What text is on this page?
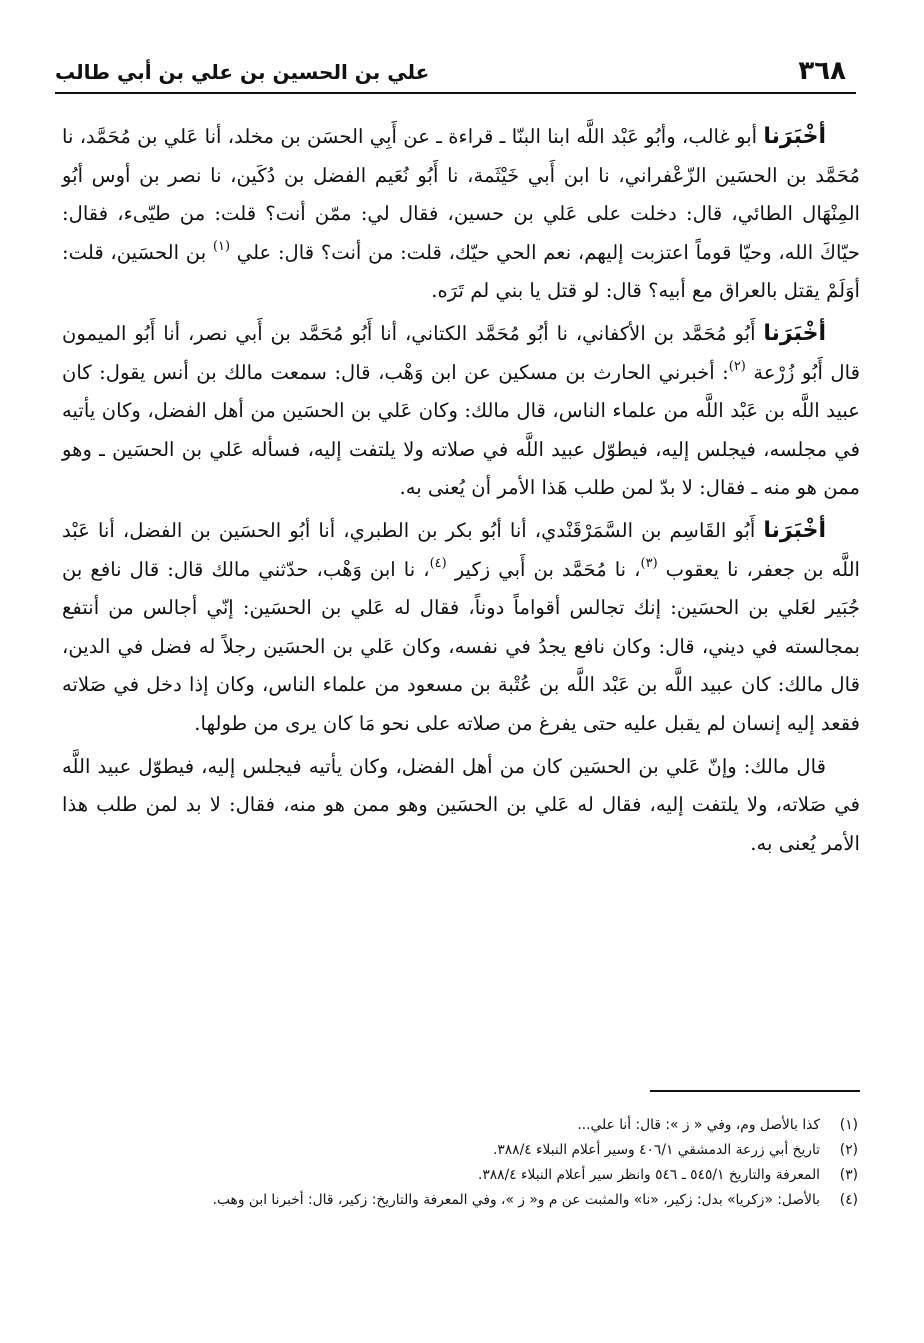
٣٦٨
علي بن الحسين بن علي بن أبي طالب

أخْبَرَنا أبو غالب، وأبُو عَبْد اللَّه ابنا البنّا ـ قراءة ـ عن أَبِي الحسَن بن مخلد، أنا عَلي بن مُحَمَّد، نا مُحَمَّد بن الحسَين الزّعْفراني، نا ابن أَبي خَيْثَمة، نا أَبُو نُعَيم الفضل بن دُكَين، نا نصر بن أوس أبُو المِنْهَال الطائي، قال: دخلت على عَلي بن حسين، فقال لي: ممّن أنت؟ قلت: من طيّىء، فقال: حيّاكَ الله، وحيّا قوماً اعتزبت إليهم، نعم الحي حيّك، قلت: من أنت؟ قال: علي $^{(١)}$ بن الحسَين، قلت: أوَلَمْ يقتل بالعراق مع أبيه؟ قال: لو قتل يا بني لم تَرَه.

أخْبَرَنا أَبُو مُحَمَّد بن الأكفاني، نا أبُو مُحَمَّد الكتاني، أنا أَبُو مُحَمَّد بن أَبي نصر، أنا أَبُو الميمون قال أَبُو زُرْعة $^{(٢)}$: أخبرني الحارث بن مسكين عن ابن وَهْب، قال: سمعت مالك بن أنس يقول: كان عبيد اللَّه بن عَبْد اللَّه من علماء الناس، قال مالك: وكان عَلي بن الحسَين من أهل الفضل، وكان يأتيه في مجلسه، فيجلس إليه، فيطوّل عبيد اللَّه في صلاته ولا يلتفت إليه، فسأله عَلي بن الحسَين ـ وهو ممن هو منه ـ فقال: لا بدّ لمن طلب هَذا الأمر أن يُعنى به.

أخْبَرَنا أَبُو القَاسِم بن السَّمَرْقَنْدي، أنا أبُو بكر بن الطبري، أنا أبُو الحسَين بن الفضل، أنا عَبْد اللَّه بن جعفر، نا يعقوب $^{(٣)}$، نا مُحَمَّد بن أَبي زكير $^{(٤)}$، نا ابن وَهْب، حدّثني مالك قال: قال نافع بن جُبَير لعَلي بن الحسَين: إنك تجالس أقواماً دوناً، فقال له عَلي بن الحسَين: إنّي أجالس من أنتفع بمجالسته في ديني، قال: وكان نافع يجدُ في نفسه، وكان عَلي بن الحسَين رجلاً له فضل في الدين، قال مالك: كان عبيد اللَّه بن عَبْد اللَّه بن عُتْبة بن مسعود من علماء الناس، وكان إذا دخل في صَلاته فقعد إليه إنسان لم يقبل عليه حتى يفرغ من صلاته على نحو مَا كان يرى من طولها.

قال مالك: وإنّ عَلي بن الحسَين كان من أهل الفضل، وكان يأتيه فيجلس إليه، فيطوّل عبيد اللَّه في صَلاته، ولا يلتفت إليه، فقال له عَلي بن الحسَين وهو ممن هو منه، فقال: لا بد لمن طلب هذا الأمر يُعنى به.

(١)
كذا بالأصل وم، وفي « ز »: قال: أنا علي...
(٢)
تاريخ أبي زرعة الدمشقي ٤٠٦/١ وسير أعلام النبلاء ٣٨٨/٤.
(٣)
المعرفة والتاريخ ٥٤٥/١ ـ ٥٤٦ وانظر سير أعلام النبلاء ٣٨٨/٤.
(٤)
بالأصل: «زكريا» بدل: زكير، «نا» والمثبت عن م و« ز »، وفي المعرفة والتاريخ: زكير، قال: أخبرنا ابن وهب.
